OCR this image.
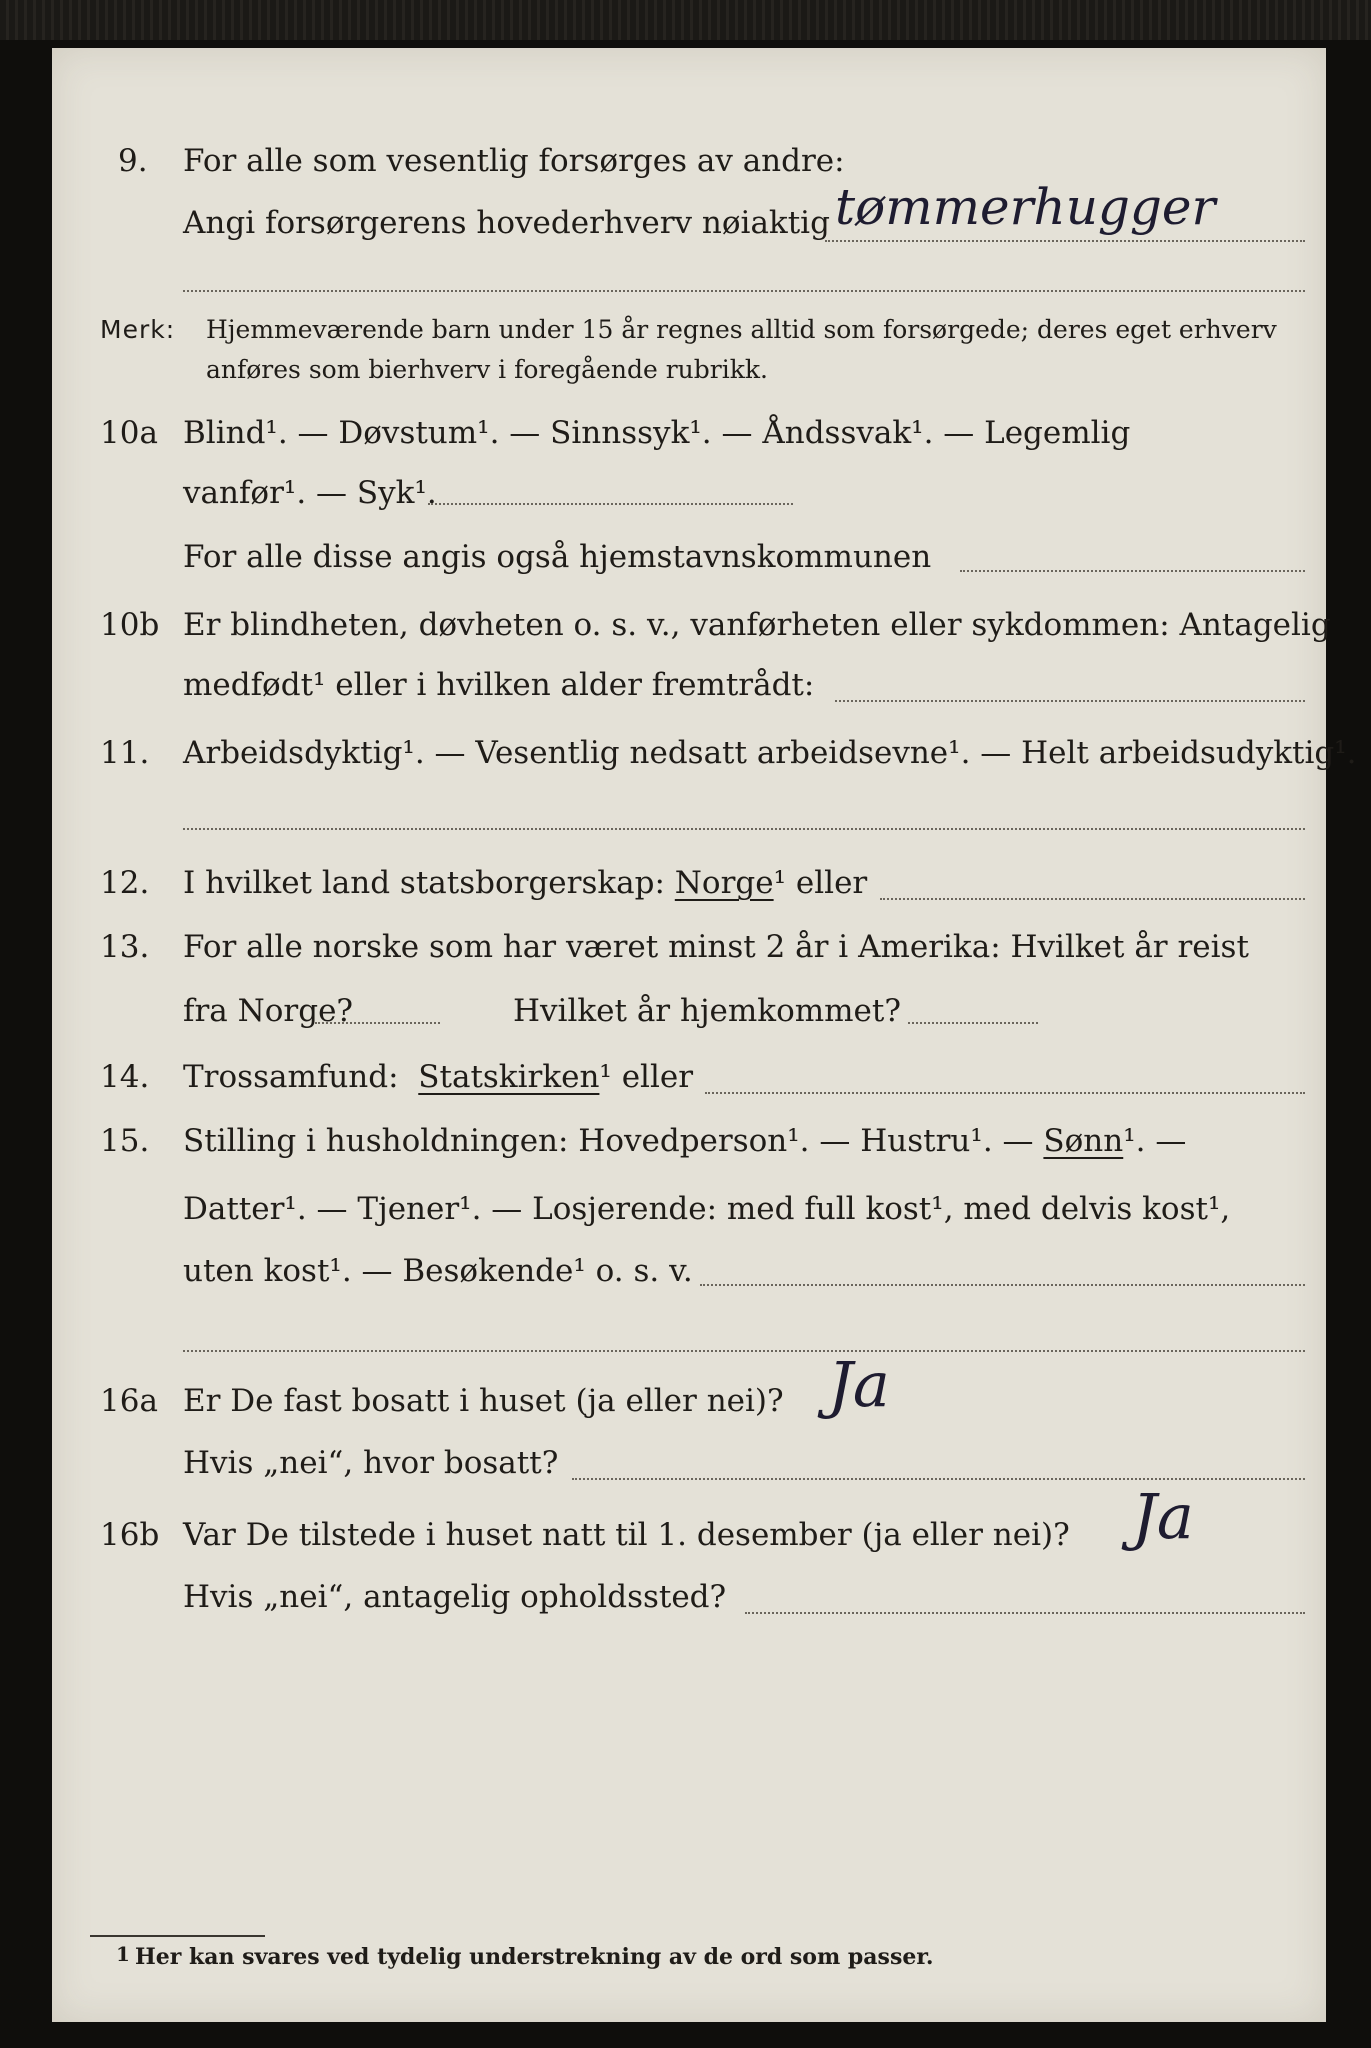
9.	For alle som vesentlig forsørges av andre:
Angi forsørgerens hovederhverv nøiaktig tømmerhugger
Merk: Hjemmeværende barn under 15 år regnes alltid som forsørgede; deres eget erhverv
anføres som bierhverv i foregående rubrikk.
10a Blind¹. — Døvstum¹. — Sinnssyk¹. — Åndssvak¹. — Legemlig
vanfør¹. — Syk¹.
For alle disse angis også hjemstavnskommunen
10b Er blindheten, døvheten o. s. v., vanførheten eller sykdommen: Antagelig
medfødt¹ eller i hvilken alder fremtrådt:
11.	Arbeidsdyktig¹. — Vesentlig nedsatt arbeidsevne¹. — Helt arbeidsudyktig¹.
12.	I hvilket land statsborgerskap: Norge¹ eller
13.	For alle norske som har været minst 2 år i Amerika: Hvilket år reist
fra Norge?	Hvilket år hjemkommet?
14.	Trossamfund: Statskirken¹ eller
15.	Stilling i husholdningen: Hovedperson¹. — Hustru¹. — Sønn¹. —
Datter¹. — Tjener¹. — Losjerende: med full kost¹, med delvis kost¹,
uten kost¹. — Besøkende¹ o. s. v.
16a Er De fast bosatt i huset (ja eller nei)? Ja
Hvis „nei“, hvor bosatt?
16b Var De tilstede i huset natt til 1. desember (ja eller nei)? Ja
Hvis „nei“, antagelig opholdssted?
1 Her kan svares ved tydelig understrekning av de ord som passer.
